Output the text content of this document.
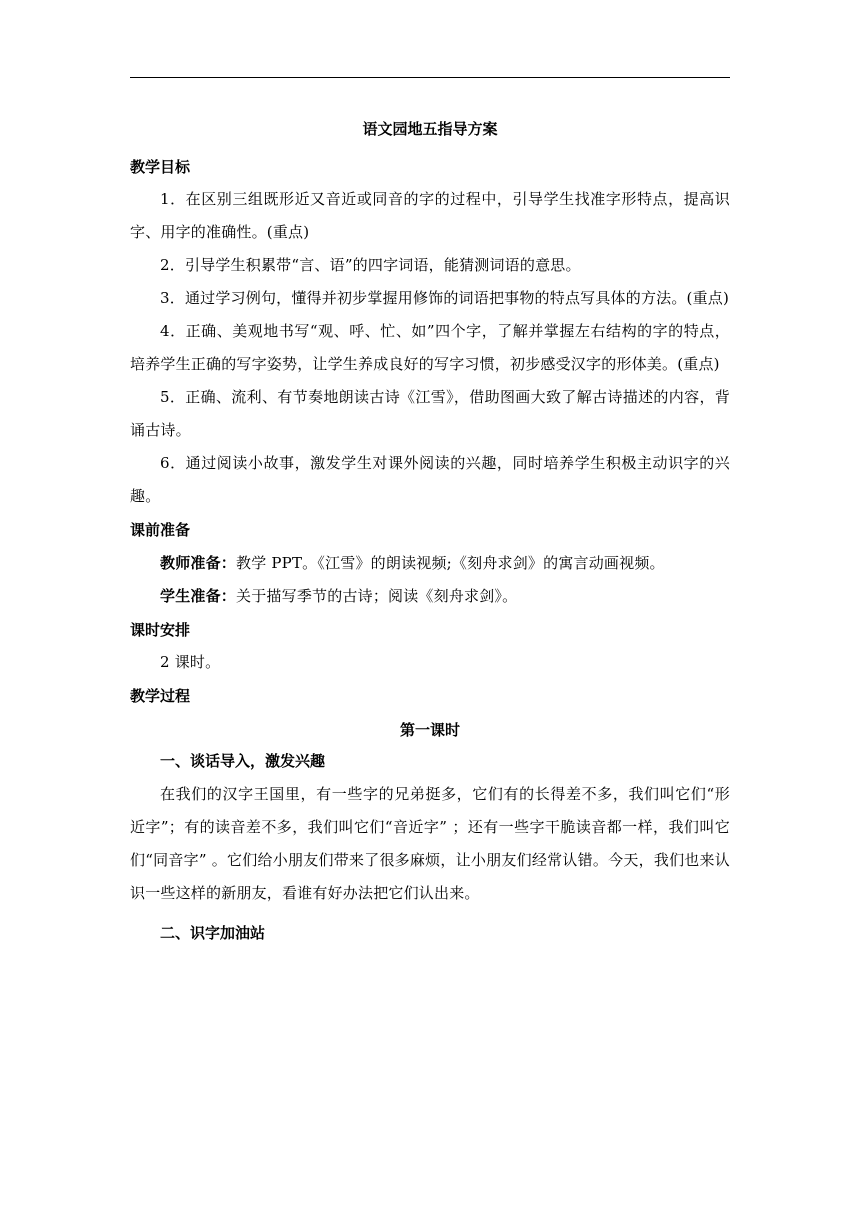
语文园地五指导方案
教学目标

1．在区别三组既形近又音近或同音的字的过程中，引导学生找准字形特点，提高识字、用字的准确性。(重点)

2．引导学生积累带“言、语”的四字词语，能猜测词语的意思。

3．通过学习例句，懂得并初步掌握用修饰的词语把事物的特点写具体的方法。(重点)

4．正确、美观地书写“观、呼、忙、如”四个字，了解并掌握左右结构的字的特点，培养学生正确的写字姿势，让学生养成良好的写字习惯，初步感受汉字的形体美。(重点)

5．正确、流利、有节奏地朗读古诗《江雪》，借助图画大致了解古诗描述的内容，背诵古诗。

6．通过阅读小故事，激发学生对课外阅读的兴趣，同时培养学生积极主动识字的兴趣。

课前准备

教师准备：教学 PPT。《江雪》的朗读视频;《刻舟求剑》的寓言动画视频。

学生准备：关于描写季节的古诗；阅读《刻舟求剑》。

课时安排

2 课时。

教学过程
第一课时
一、谈话导入，激发兴趣

在我们的汉字王国里，有一些字的兄弟挺多，它们有的长得差不多，我们叫它们“形近字”；有的读音差不多，我们叫它们“音近字” ；还有一些字干脆读音都一样，我们叫它们“同音字” 。它们给小朋友们带来了很多麻烦，让小朋友们经常认错。今天，我们也来认识一些这样的新朋友，看谁有好办法把它们认出来。

二、识字加油站
